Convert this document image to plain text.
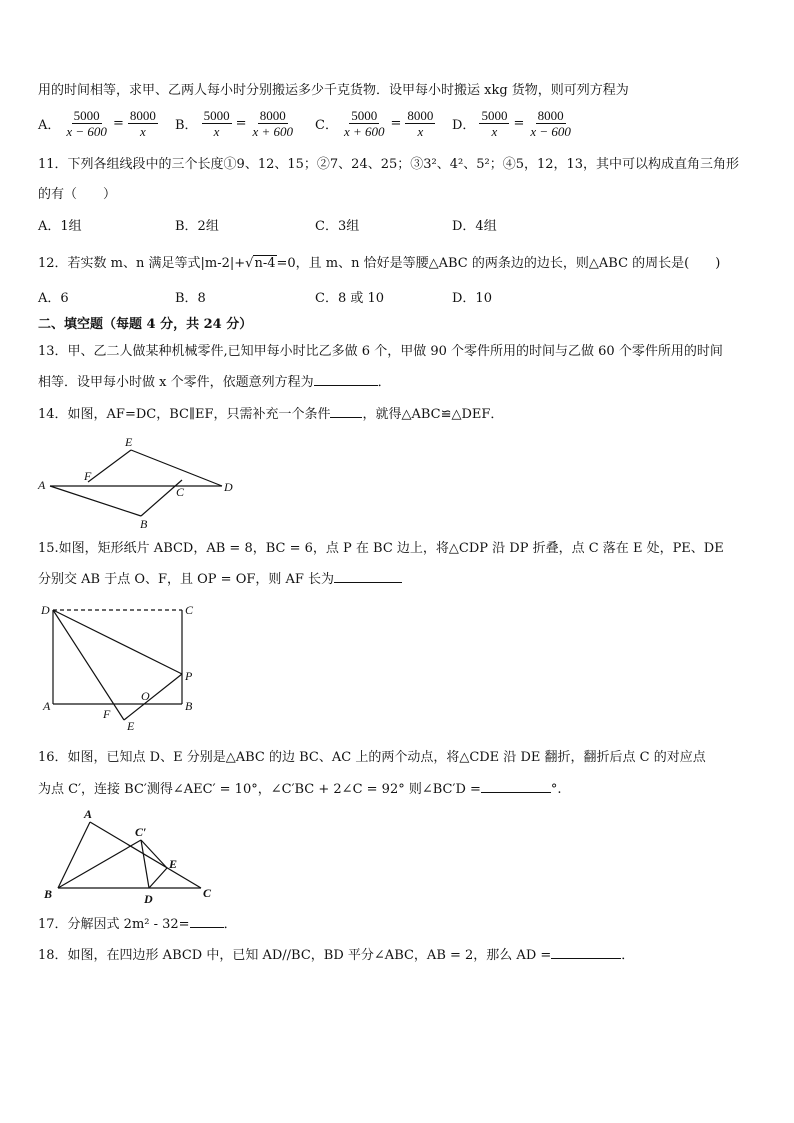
用的时间相等，求甲、乙两人每小时分别搬运多少千克货物．设甲每小时搬运 xkg 货物，则可列方程为
A． $\frac{5000}{x - 600} = \frac{8000}{x}$ B． $\frac{5000}{x} = \frac{8000}{x + 600}$ C． $\frac{5000}{x + 600} = \frac{8000}{x}$ D． $\frac{5000}{x} = \frac{8000}{x - 600}$
11．下列各组线段中的三个长度①9、12、15；②7、24、25；③3²、4²、5²；④5，12，13，其中可以构成直角三角形
的有（　　）
A．1组	B．2组	C．3组	D．4组
12．若实数 m、n 满足等式|m-2|+√n-4=0，且 m、n 恰好是等腰△ABC 的两条边的边长，则△ABC 的周长是(　　)
A．6	B．8	C．8 或 10	D．10
二、填空题（每题 4 分，共 24 分）
13．甲、乙二人做某种机械零件,已知甲每小时比乙多做 6 个，甲做 90 个零件所用的时间与乙做 60 个零件所用的时间
相等．设甲每小时做 x 个零件，依题意列方程为	．
14．如图，AF=DC，BC∥EF，只需补充一个条件 ，就得△ABC≌△DEF．
A
F
E
C	D
B
15.如图，矩形纸片 ABCD，AB = 8，BC = 6，点 P 在 BC 边上，将△CDP 沿 DP 折叠，点 C 落在 E 处，PE、DE
分别交 AB 于点 O、F，且 OP = OF，则 AF 长为
D	C
P
O
A	B
F
E
16．如图，已知点 D、E 分别是△ABC 的边 BC、AC 上的两个动点，将△CDE 沿 DE 翻折，翻折后点 C 的对应点
为点 C′，连接 BC′测得∠AEC′ = 10°，∠C′BC + 2∠C = 92° 则∠BC′D =	°.
A
C′
E
B	D	C
17．分解因式 2m² - 32=	．
18．如图，在四边形 ABCD 中，已知 AD//BC，BD 平分∠ABC，AB = 2，那么 AD =	．
